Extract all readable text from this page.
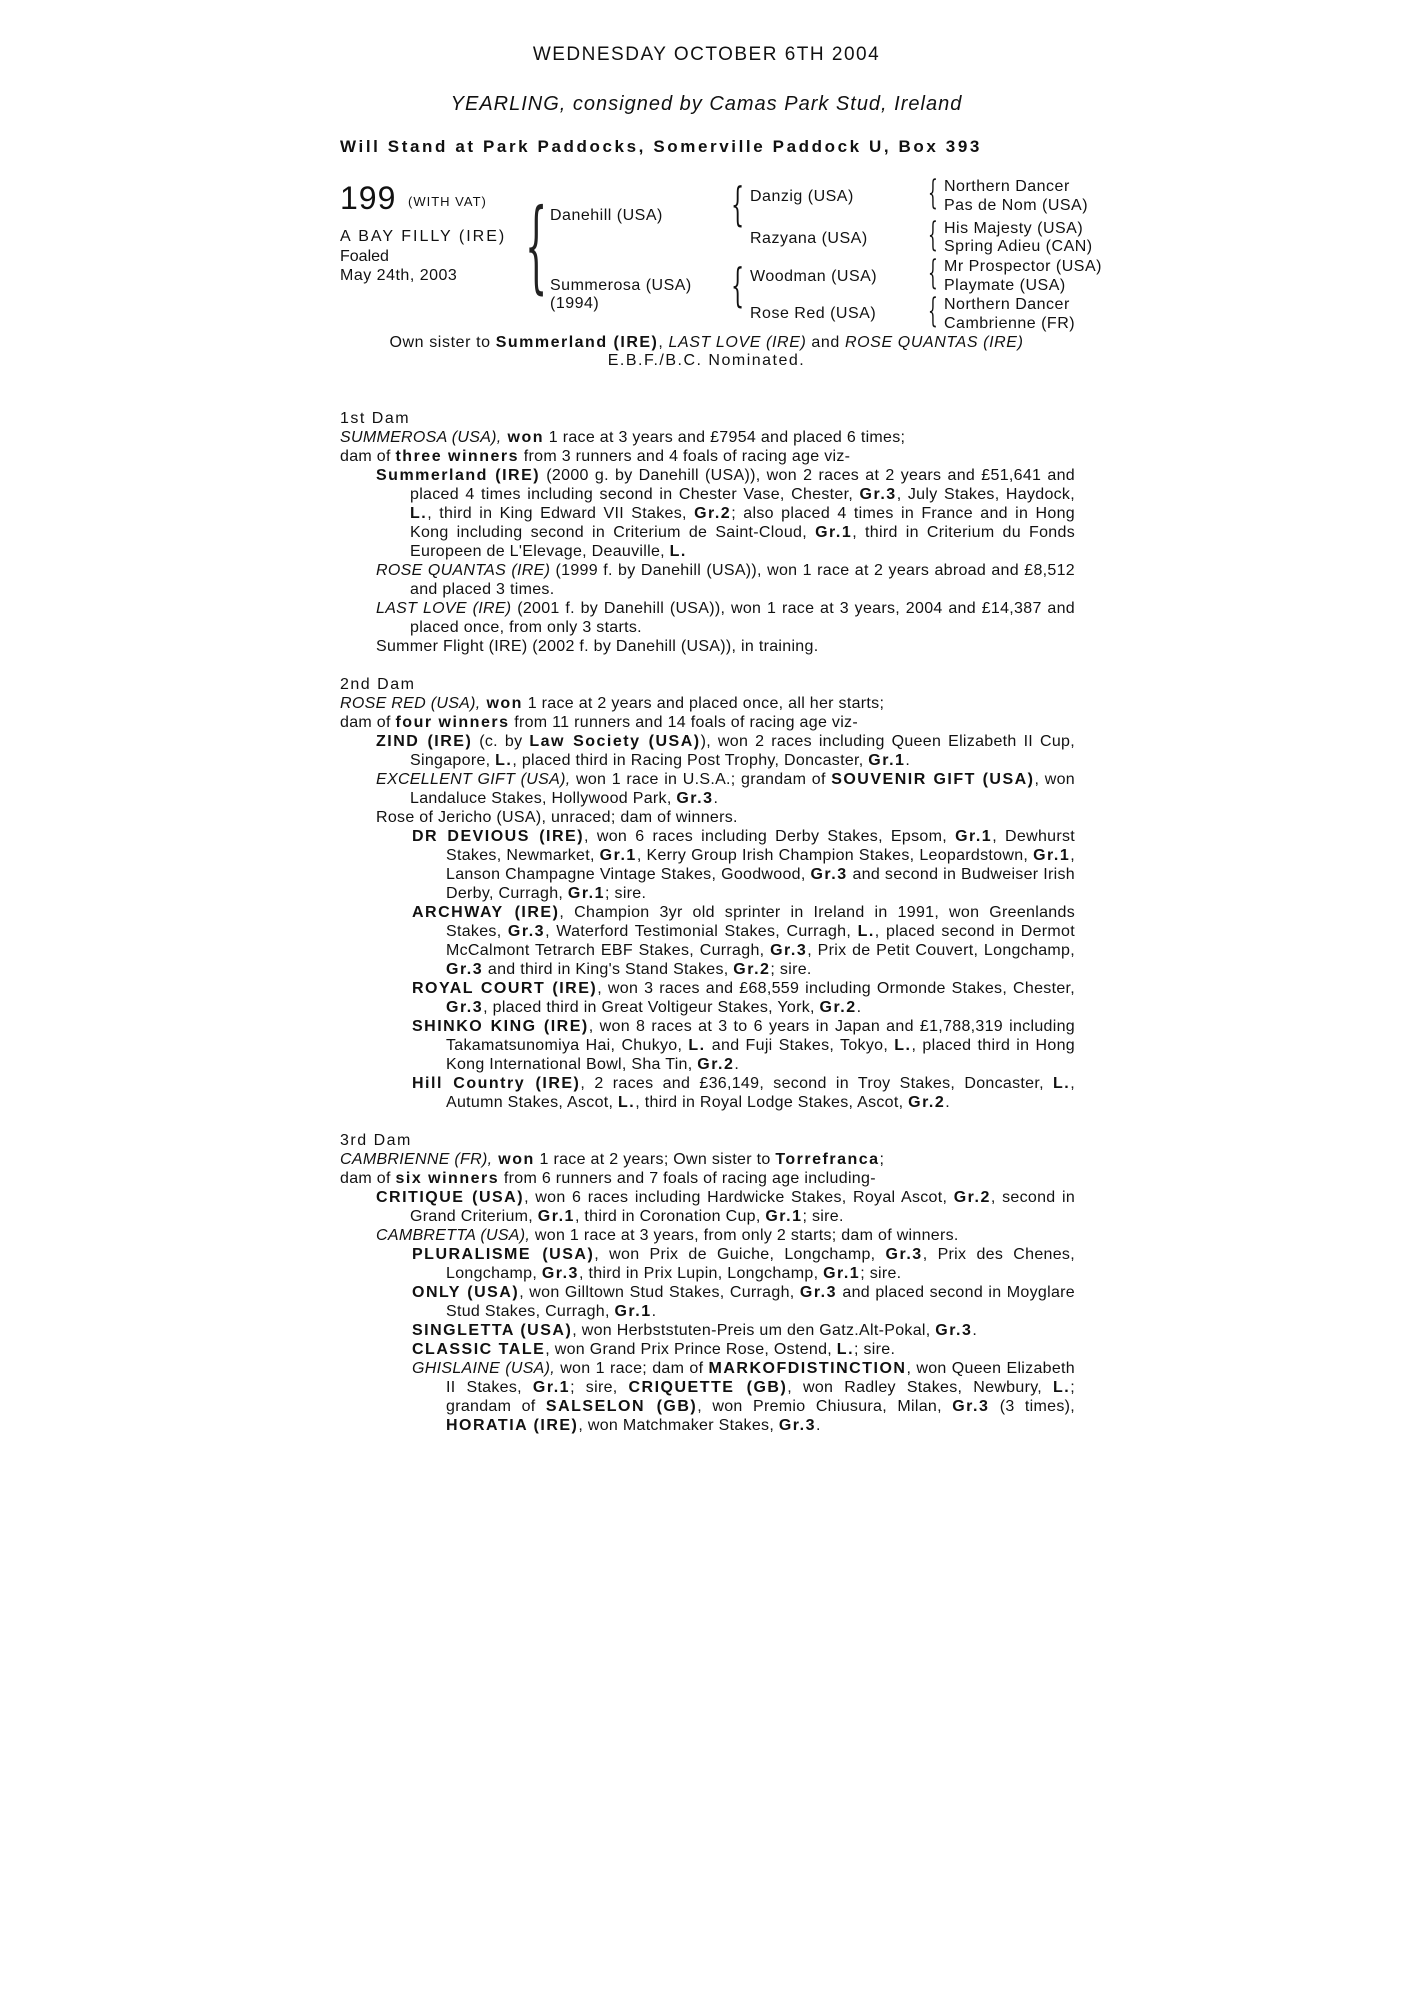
WEDNESDAY OCTOBER 6TH 2004
YEARLING, consigned by Camas Park Stud, Ireland
Will Stand at Park Paddocks, Somerville Paddock U, Box 393
199 (WITH VAT)
A BAY FILLY (IRE)
Foaled
May 24th, 2003 {	{
{
{
{
{
{
Danehill (USA)
Summerosa (USA)
(1994)
Danzig (USA)
Razyana (USA)
Woodman (USA)
Rose Red (USA)
Northern Dancer
Pas de Nom (USA)
His Majesty (USA)
Spring Adieu (CAN)
Mr Prospector (USA)
Playmate (USA)
Northern Dancer
Cambrienne (FR)
Own sister to Summerland (IRE), LAST LOVE (IRE) and ROSE QUANTAS (IRE)
E.B.F./B.C. Nominated.

1st Dam

SUMMEROSA (USA), won 1 race at 3 years and £7954 and placed 6 times;

dam of three winners from 3 runners and 4 foals of racing age viz-

Summerland (IRE) (2000 g. by Danehill (USA)), won 2 races at 2 years and £51,641 and placed 4 times including second in Chester Vase, Chester, Gr.3, July Stakes, Haydock, L., third in King Edward VII Stakes, Gr.2; also placed 4 times in France and in Hong Kong including second in Criterium de Saint-Cloud, Gr.1, third in Criterium du Fonds Europeen de L'Elevage, Deauville, L.

ROSE QUANTAS (IRE) (1999 f. by Danehill (USA)), won 1 race at 2 years abroad and £8,512 and placed 3 times.

LAST LOVE (IRE) (2001 f. by Danehill (USA)), won 1 race at 3 years, 2004 and £14,387 and placed once, from only 3 starts.

Summer Flight (IRE) (2002 f. by Danehill (USA)), in training.

2nd Dam

ROSE RED (USA), won 1 race at 2 years and placed once, all her starts;

dam of four winners from 11 runners and 14 foals of racing age viz-

ZIND (IRE) (c. by Law Society (USA)), won 2 races including Queen Elizabeth II Cup, Singapore, L., placed third in Racing Post Trophy, Doncaster, Gr.1.

EXCELLENT GIFT (USA), won 1 race in U.S.A.; grandam of SOUVENIR GIFT (USA), won Landaluce Stakes, Hollywood Park, Gr.3.

Rose of Jericho (USA), unraced; dam of winners.

DR DEVIOUS (IRE), won 6 races including Derby Stakes, Epsom, Gr.1, Dewhurst Stakes, Newmarket, Gr.1, Kerry Group Irish Champion Stakes, Leopardstown, Gr.1, Lanson Champagne Vintage Stakes, Goodwood, Gr.3 and second in Budweiser Irish Derby, Curragh, Gr.1; sire.

ARCHWAY (IRE), Champion 3yr old sprinter in Ireland in 1991, won Greenlands Stakes, Gr.3, Waterford Testimonial Stakes, Curragh, L., placed second in Dermot McCalmont Tetrarch EBF Stakes, Curragh, Gr.3, Prix de Petit Couvert, Longchamp, Gr.3 and third in King's Stand Stakes, Gr.2; sire.

ROYAL COURT (IRE), won 3 races and £68,559 including Ormonde Stakes, Chester, Gr.3, placed third in Great Voltigeur Stakes, York, Gr.2.

SHINKO KING (IRE), won 8 races at 3 to 6 years in Japan and £1,788,319 including Takamatsunomiya Hai, Chukyo, L. and Fuji Stakes, Tokyo, L., placed third in Hong Kong International Bowl, Sha Tin, Gr.2.

Hill Country (IRE), 2 races and £36,149, second in Troy Stakes, Doncaster, L., Autumn Stakes, Ascot, L., third in Royal Lodge Stakes, Ascot, Gr.2.

3rd Dam

CAMBRIENNE (FR), won 1 race at 2 years; Own sister to Torrefranca;

dam of six winners from 6 runners and 7 foals of racing age including-

CRITIQUE (USA), won 6 races including Hardwicke Stakes, Royal Ascot, Gr.2, second in Grand Criterium, Gr.1, third in Coronation Cup, Gr.1; sire.

CAMBRETTA (USA), won 1 race at 3 years, from only 2 starts; dam of winners.

PLURALISME (USA), won Prix de Guiche, Longchamp, Gr.3, Prix des Chenes, Longchamp, Gr.3, third in Prix Lupin, Longchamp, Gr.1; sire.

ONLY (USA), won Gilltown Stud Stakes, Curragh, Gr.3 and placed second in Moyglare Stud Stakes, Curragh, Gr.1.

SINGLETTA (USA), won Herbststuten-Preis um den Gatz.Alt-Pokal, Gr.3.

CLASSIC TALE, won Grand Prix Prince Rose, Ostend, L.; sire.

GHISLAINE (USA), won 1 race; dam of MARKOFDISTINCTION, won Queen Elizabeth II Stakes, Gr.1; sire, CRIQUETTE (GB), won Radley Stakes, Newbury, L.; grandam of SALSELON (GB), won Premio Chiusura, Milan, Gr.3 (3 times), HORATIA (IRE), won Matchmaker Stakes, Gr.3.
